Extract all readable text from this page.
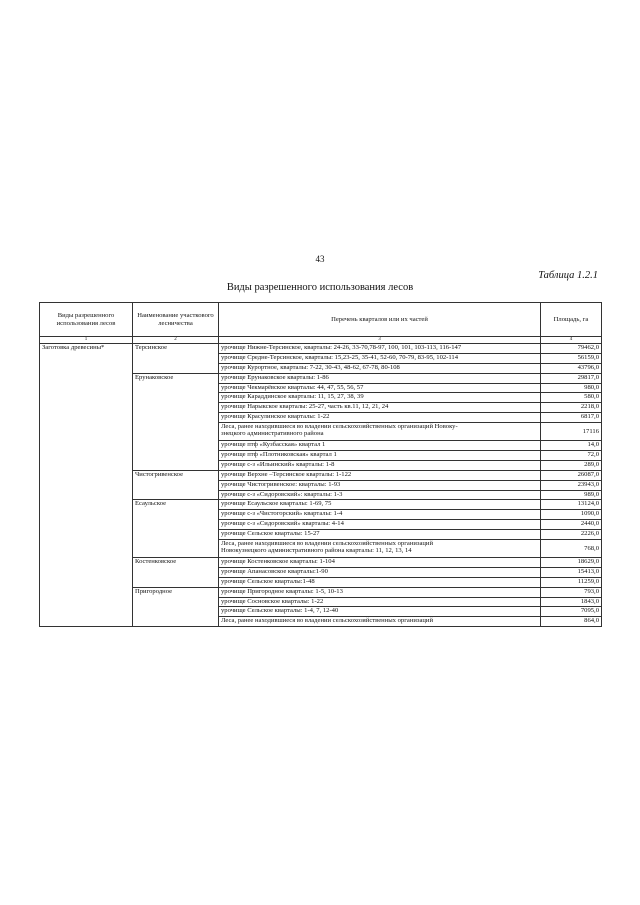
43
Таблица 1.2.1
Виды разрешенного использования лесов
Виды разрешенного использования лесов	Наименование участкового лесничества	Перечень кварталов или их частей	Площадь, га
1	2	3	4
Заготовка древесины*	Терсинское	урочище Нижне-Терсинское, кварталы: 24-26, 33-70,78-97, 100, 101, 103-113, 116-147	79462,0

		урочище Средне-Терсинское, кварталы: 15,23-25, 35-41, 52-60, 70-79, 83-95, 102-114	56159,0

		урочище Курортное, кварталы: 7-22, 30-43, 48-62, 67-78, 80-108	43796,0
	Ерунаковское	урочище Ерунаковское кварталы: 1-86	29817,0

		урочище Чекмарёвское кварталы: 44, 47, 55, 56, 57	980,0

		урочище Караддинское кварталы: 11, 15, 27, 38, 39	580,0

		урочище Нарыкское кварталы: 25-27, часть кв.11, 12, 21, 24	2218,0

		урочище Красулинское кварталы: 1-22	6817,0

		Леса, ранее находившиеся во владении сельскохозяйственных организаций Новоку-
знецкого административного района	17116

		урочище птф «Кузбасская» квартал 1	14,0

		урочище птф «Плотниковская» квартал 1	72,0

		урочище с-з «Ильинский» кварталы: 1-8	289,0
	Чистогривенское	урочище Верхне –Терсинское кварталы: 1-122	26087,0

		урочище Чистогривенское: кварталы: 1-93	23943,0

		урочище с-з «Сидоровский»: кварталы: 1-3	989,0
	Есаульское	урочище Есаульское кварталы: 1-69, 75	13124,0

		урочище с-з «Чистогорский» кварталы: 1-4	1090,0

		урочище с-з «Сидоровский» кварталы: 4-14	2440,0

		урочище Сельское кварталы: 15-27	2226,0

		Леса, ранее находившиеся во владении сельскохозяйственных организаций
Новокузнецкого административного района кварталы: 11, 12, 13, 14	768,0
	Костенковское	урочище Костенковское кварталы: 1-104	18629,0

		урочище Апанасовское кварталы:1-90	15413,0

		урочище Сельское кварталы:1-48	11259,0
	Пригородное	урочище Пригородное кварталы: 1-5, 10-13	793,0

		урочище Сосновское кварталы: 1-22	1843,0

		урочище Сельское кварталы: 1-4, 7, 12-40	7095,0

		Леса, ранее находившиеся во владении сельскохозяйственных организаций	864,0
